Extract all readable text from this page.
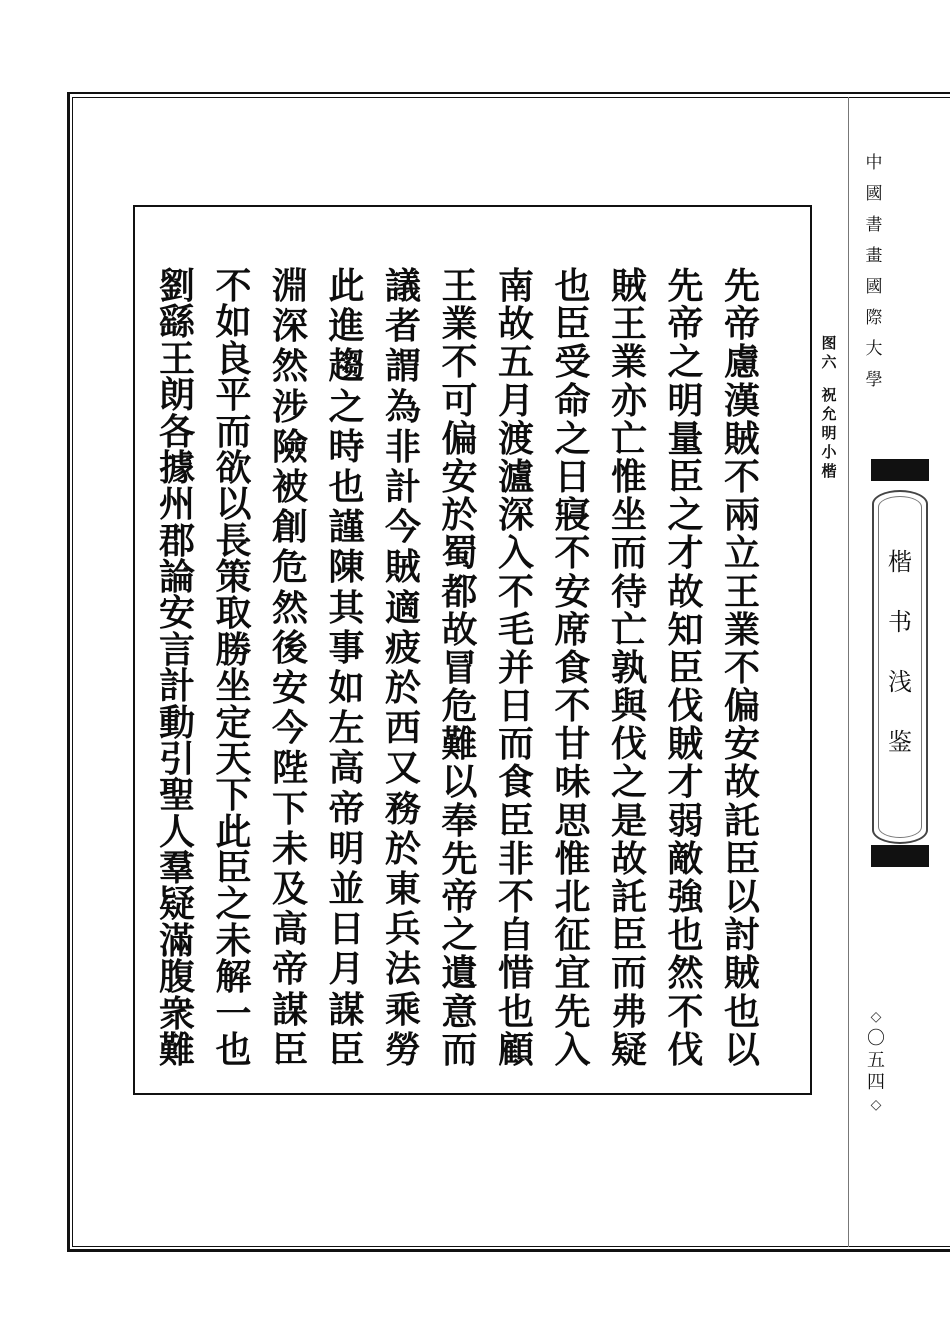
先
帝
慮
漢
賊
不
兩
立
王
業
不
偏
安
故
託
臣
以
討
賊
也
以
先
帝
之
明
量
臣
之
才
故
知
臣
伐
賊
才
弱
敵
強
也
然
不
伐
賊
王
業
亦
亡
惟
坐
而
待
亡
孰
與
伐
之
是
故
託
臣
而
弗
疑
也
臣
受
命
之
日
寢
不
安
席
食
不
甘
味
思
惟
北
征
宜
先
入
南
故
五
月
渡
瀘
深
入
不
毛
并
日
而
食
臣
非
不
自
惜
也
顧
王
業
不
可
偏
安
於
蜀
都
故
冒
危
難
以
奉
先
帝
之
遺
意
而
議
者
謂
為
非
計
今
賊
適
疲
於
西
又
務
於
東
兵
法
乘
勞
此
進
趨
之
時
也
謹
陳
其
事
如
左
高
帝
明
並
日
月
謀
臣
淵
深
然
涉
險
被
創
危
然
後
安
今
陛
下
未
及
高
帝
謀
臣
不
如
良
平
而
欲
以
長
策
取
勝
坐
定
天
下
此
臣
之
未
解
一
也
劉
繇
王
朗
各
據
州
郡
論
安
言
計
動
引
聖
人
羣
疑
滿
腹
衆
難
图
六
祝
允
明
小
楷
中
國
書
畫
國
際
大
學
楷
书
浅
鉴
◇
〇
五
四
◇
